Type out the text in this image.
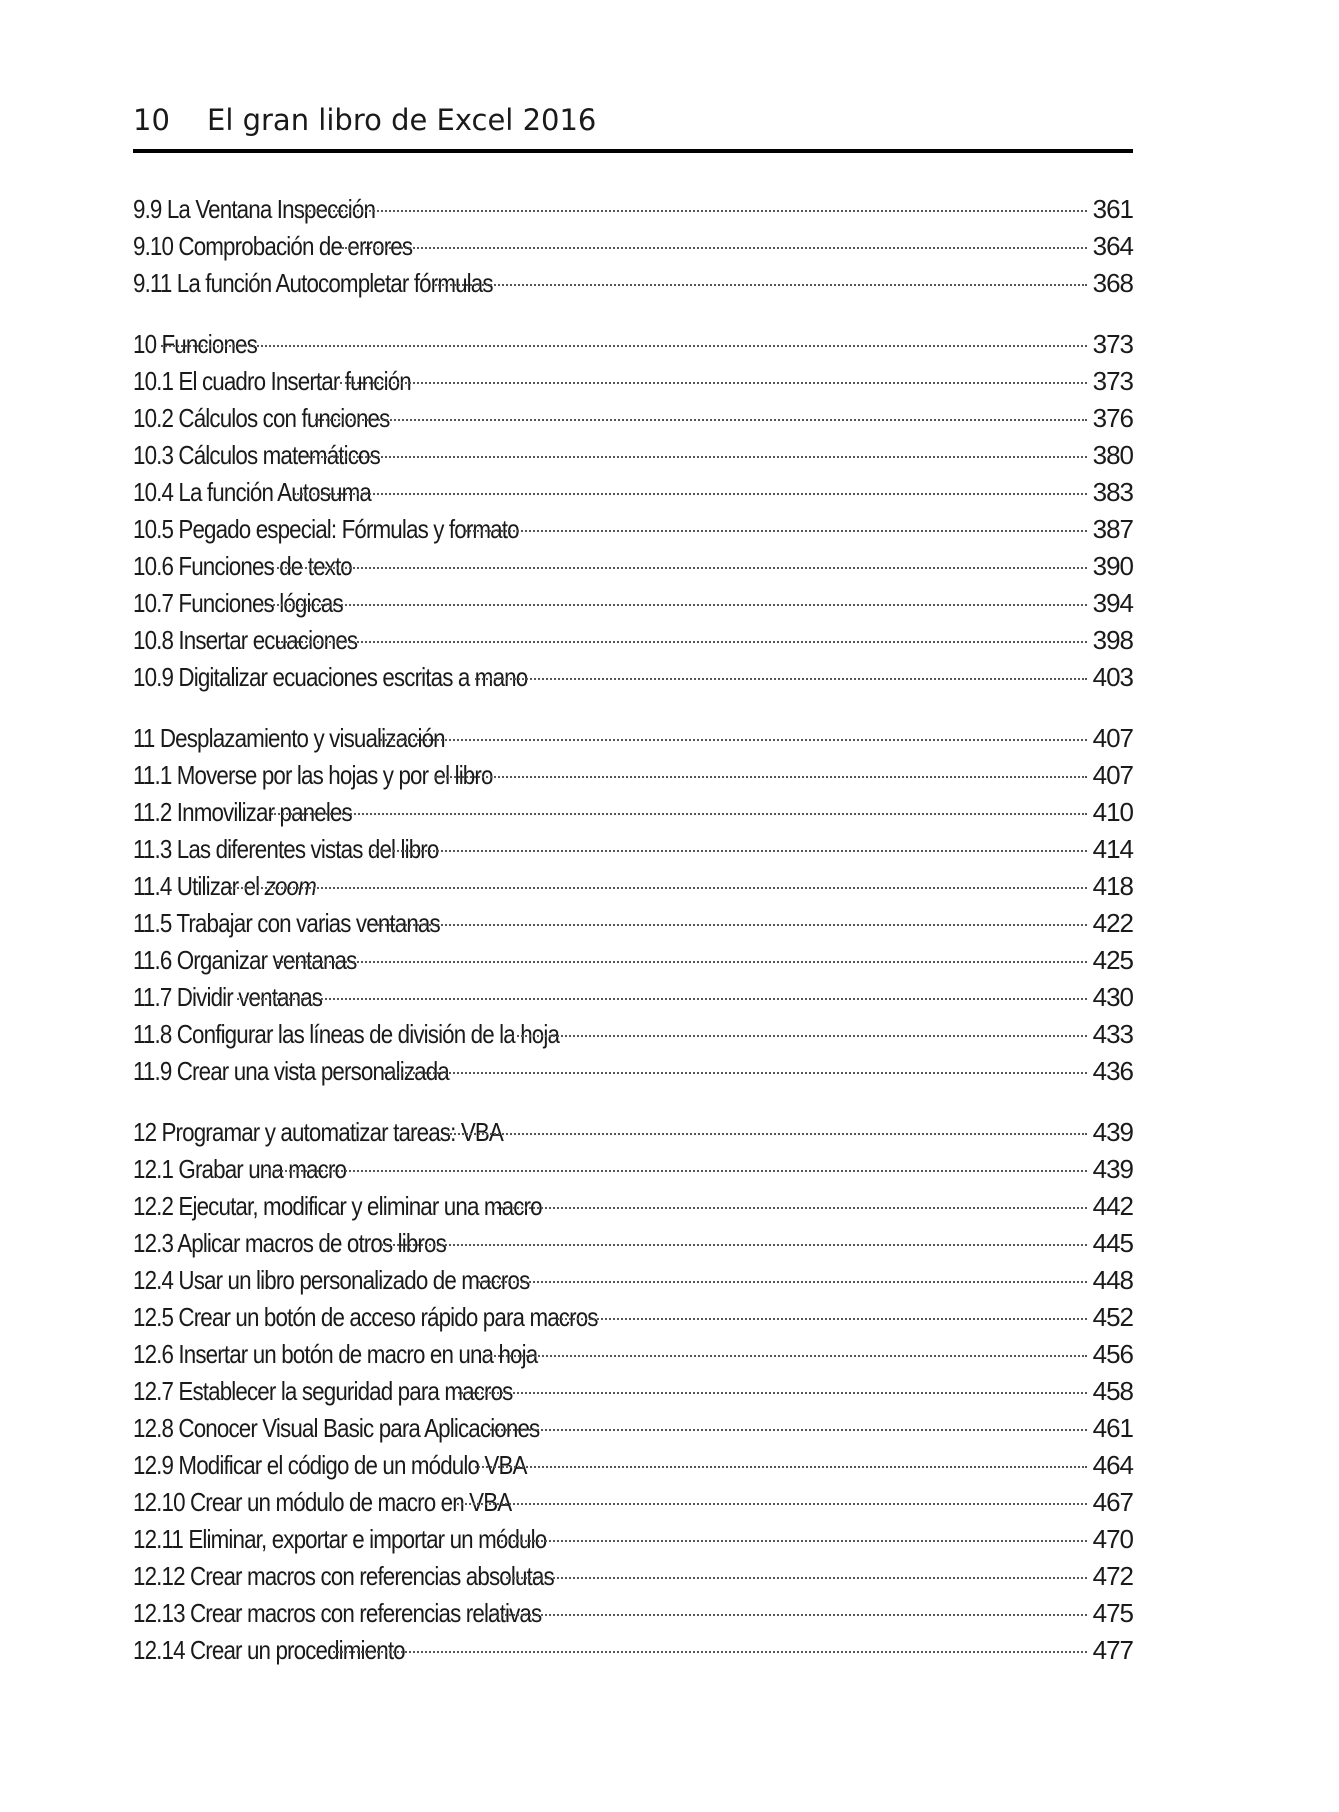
10 El gran libro de Excel 2016
9.9 La Ventana Inspección	361
9.10 Comprobación de errores	364
9.11 La función Autocompletar fórmulas	368
10 Funciones	373
10.1 El cuadro Insertar función	373
10.2 Cálculos con funciones	376
10.3 Cálculos matemáticos	380
10.4 La función Autosuma	383
10.5 Pegado especial: Fórmulas y formato	387
10.6 Funciones de texto	390
10.7 Funciones lógicas	394
10.8 Insertar ecuaciones	398
10.9 Digitalizar ecuaciones escritas a mano	403
11 Desplazamiento y visualización	407
11.1 Moverse por las hojas y por el libro	407
11.2 Inmovilizar paneles	410
11.3 Las diferentes vistas del libro	414
11.4 Utilizar el zoom	418
11.5 Trabajar con varias ventanas	422
11.6 Organizar ventanas	425
11.7 Dividir ventanas	430
11.8 Configurar las líneas de división de la hoja	433
11.9 Crear una vista personalizada	436
12 Programar y automatizar tareas: VBA	439
12.1 Grabar una macro	439
12.2 Ejecutar, modificar y eliminar una macro	442
12.3 Aplicar macros de otros libros	445
12.4 Usar un libro personalizado de macros	448
12.5 Crear un botón de acceso rápido para macros	452
12.6 Insertar un botón de macro en una hoja	456
12.7 Establecer la seguridad para macros	458
12.8 Conocer Visual Basic para Aplicaciones	461
12.9 Modificar el código de un módulo VBA	464
12.10 Crear un módulo de macro en VBA	467
12.11 Eliminar, exportar e importar un módulo	470
12.12 Crear macros con referencias absolutas	472
12.13 Crear macros con referencias relativas	475
12.14 Crear un procedimiento	477
